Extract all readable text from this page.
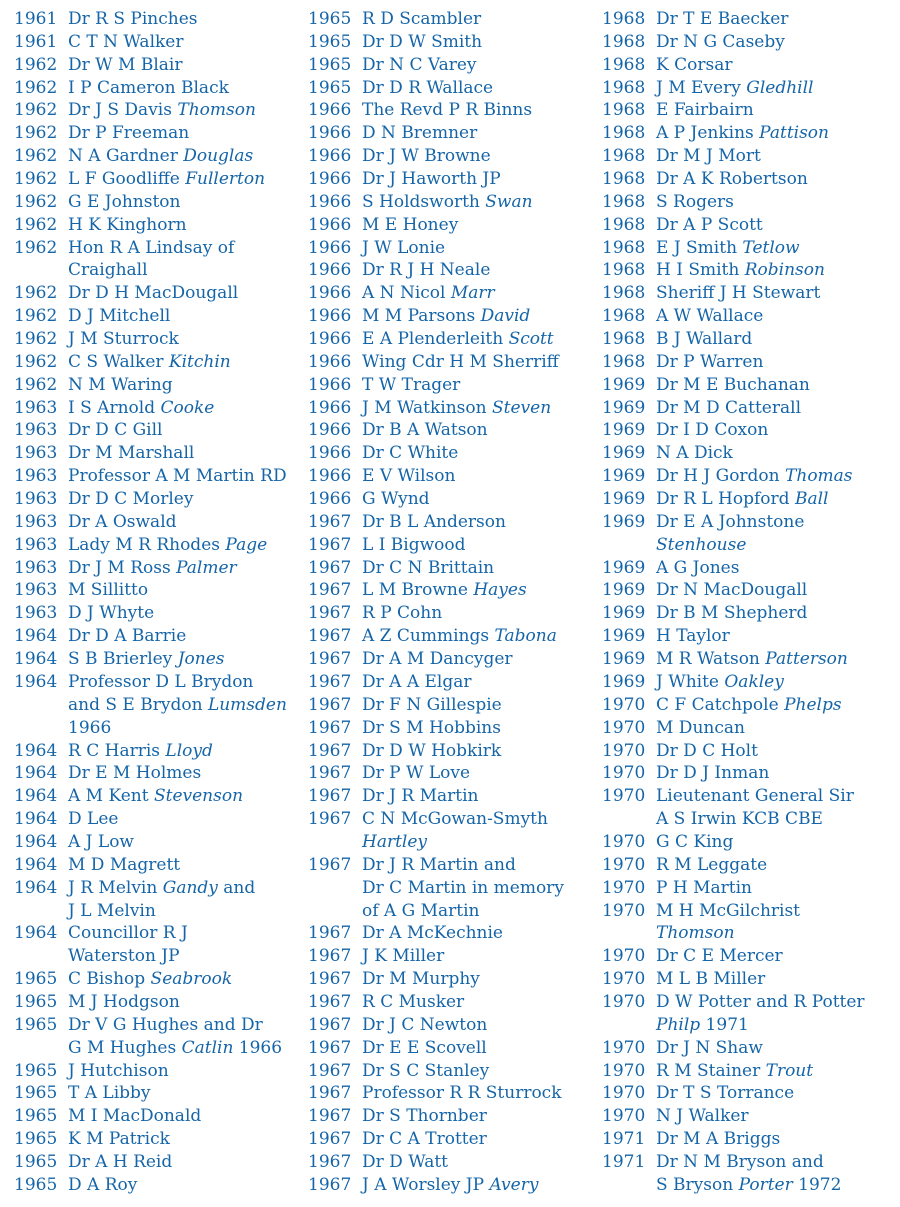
1961 Dr R S Pinches
1961 C T N Walker
1962 Dr W M Blair
1962 I P Cameron Black
1962 Dr J S Davis Thomson
1962 Dr P Freeman
1962 N A Gardner Douglas
1962 L F Goodliffe Fullerton
1962 G E Johnston
1962 H K Kinghorn
1962 Hon R A Lindsay of
Craighall
1962 Dr D H MacDougall
1962 D J Mitchell
1962 J M Sturrock
1962 C S Walker Kitchin
1962 N M Waring
1963 I S Arnold Cooke
1963 Dr D C Gill
1963 Dr M Marshall
1963 Professor A M Martin RD
1963 Dr D C Morley
1963 Dr A Oswald
1963 Lady M R Rhodes Page
1963 Dr J M Ross Palmer
1963 M Sillitto
1963 D J Whyte
1964 Dr D A Barrie
1964 S B Brierley Jones
1964 Professor D L Brydon
and S E Brydon Lumsden
1966
1964 R C Harris Lloyd
1964 Dr E M Holmes
1964 A M Kent Stevenson
1964 D Lee
1964 A J Low
1964 M D Magrett
1964 J R Melvin Gandy and
J L Melvin
1964 Councillor R J
Waterston JP
1965 C Bishop Seabrook
1965 M J Hodgson
1965 Dr V G Hughes and Dr
G M Hughes Catlin 1966
1965 J Hutchison
1965 T A Libby
1965 M I MacDonald
1965 K M Patrick
1965 Dr A H Reid
1965 D A Roy
1965 R D Scambler
1965 Dr D W Smith
1965 Dr N C Varey
1965 Dr D R Wallace
1966 The Revd P R Binns
1966 D N Bremner
1966 Dr J W Browne
1966 Dr J Haworth JP
1966 S Holdsworth Swan
1966 M E Honey
1966 J W Lonie
1966 Dr R J H Neale
1966 A N Nicol Marr
1966 M M Parsons David
1966 E A Plenderleith Scott
1966 Wing Cdr H M Sherriff
1966 T W Trager
1966 J M Watkinson Steven
1966 Dr B A Watson
1966 Dr C White
1966 E V Wilson
1966 G Wynd
1967 Dr B L Anderson
1967 L I Bigwood
1967 Dr C N Brittain
1967 L M Browne Hayes
1967 R P Cohn
1967 A Z Cummings Tabona
1967 Dr A M Dancyger
1967 Dr A A Elgar
1967 Dr F N Gillespie
1967 Dr S M Hobbins
1967 Dr D W Hobkirk
1967 Dr P W Love
1967 Dr J R Martin
1967 C N McGowan-Smyth
Hartley
1967 Dr J R Martin and
Dr C Martin in memory
of A G Martin
1967 Dr A McKechnie
1967 J K Miller
1967 Dr M Murphy
1967 R C Musker
1967 Dr J C Newton
1967 Dr E E Scovell
1967 Dr S C Stanley
1967 Professor R R Sturrock
1967 Dr S Thornber
1967 Dr C A Trotter
1967 Dr D Watt
1967 J A Worsley JP Avery
1968 Dr T E Baecker
1968 Dr N G Caseby
1968 K Corsar
1968 J M Every Gledhill
1968 E Fairbairn
1968 A P Jenkins Pattison
1968 Dr M J Mort
1968 Dr A K Robertson
1968 S Rogers
1968 Dr A P Scott
1968 E J Smith Tetlow
1968 H I Smith Robinson
1968 Sheriff J H Stewart
1968 A W Wallace
1968 B J Wallard
1968 Dr P Warren
1969 Dr M E Buchanan
1969 Dr M D Catterall
1969 Dr I D Coxon
1969 N A Dick
1969 Dr H J Gordon Thomas
1969 Dr R L Hopford Ball
1969 Dr E A Johnstone
Stenhouse
1969 A G Jones
1969 Dr N MacDougall
1969 Dr B M Shepherd
1969 H Taylor
1969 M R Watson Patterson
1969 J White Oakley
1970 C F Catchpole Phelps
1970 M Duncan
1970 Dr D C Holt
1970 Dr D J Inman
1970 Lieutenant General Sir
A S Irwin KCB CBE
1970 G C King
1970 R M Leggate
1970 P H Martin
1970 M H McGilchrist
Thomson
1970 Dr C E Mercer
1970 M L B Miller
1970 D W Potter and R Potter
Philp 1971
1970 Dr J N Shaw
1970 R M Stainer Trout
1970 Dr T S Torrance
1970 N J Walker
1971 Dr M A Briggs
1971 Dr N M Bryson and
S Bryson Porter 1972
